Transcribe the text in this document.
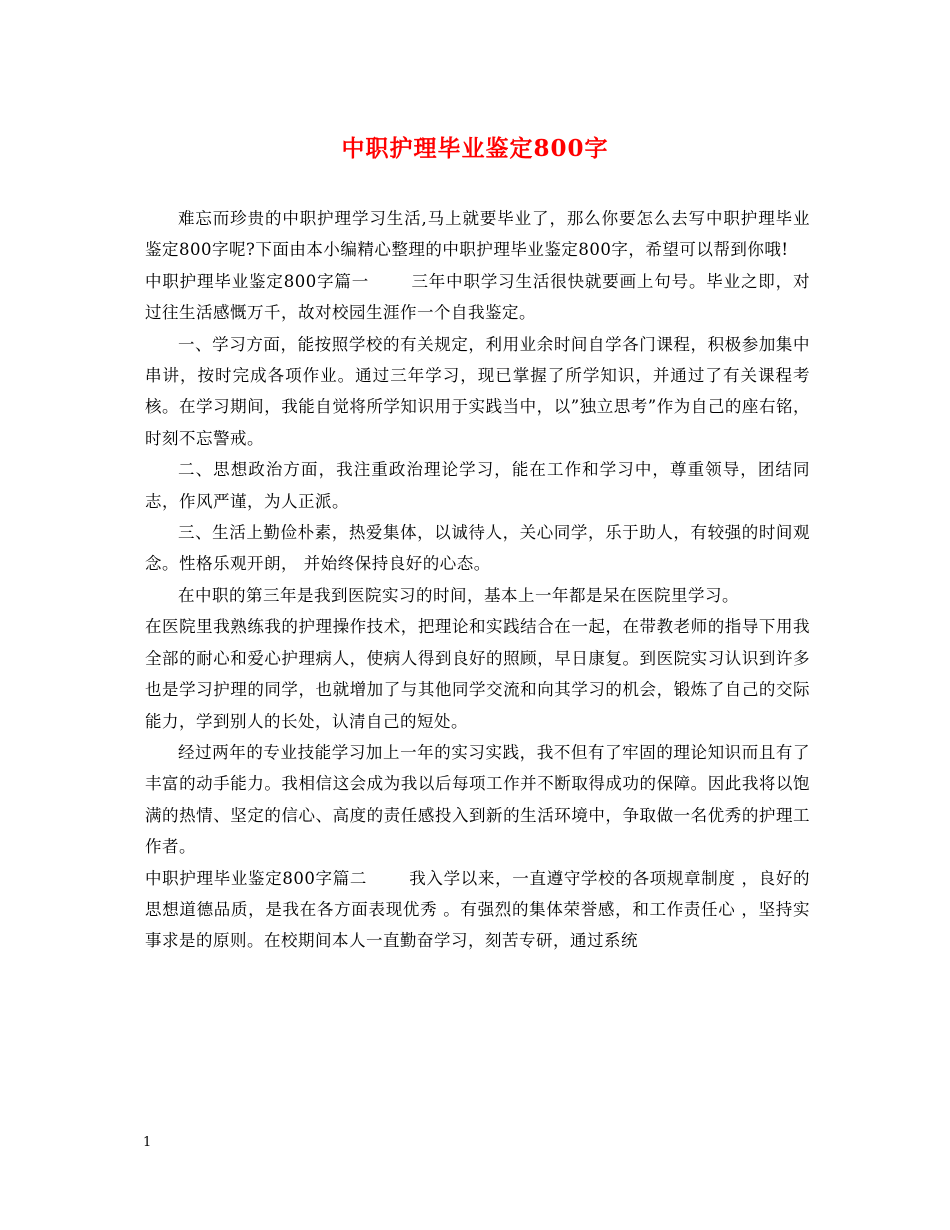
中职护理毕业鉴定800字

难忘而珍贵的中职护理学习生活,马上就要毕业了，那么你要怎么去写中职护理毕业鉴定800字呢?下面由本小编精心整理的中职护理毕业鉴定800字，希望可以帮到你哦!

中职护理毕业鉴定800字篇一	三年中职学习生活很快就要画上句号。毕业之即，对过往生活感慨万千，故对校园生涯作一个自我鉴定。

一、学习方面，能按照学校的有关规定，利用业余时间自学各门课程，积极参加集中串讲，按时完成各项作业。通过三年学习，现已掌握了所学知识，并通过了有关课程考核。在学习期间，我能自觉将所学知识用于实践当中，以”独立思考”作为自己的座右铭，时刻不忘警戒。

二、思想政治方面，我注重政治理论学习，能在工作和学习中，尊重领导，团结同志，作风严谨，为人正派。

三、生活上勤俭朴素，热爱集体，以诚待人，关心同学，乐于助人，有较强的时间观念。性格乐观开朗， 并始终保持良好的心态。

在中职的第三年是我到医院实习的时间，基本上一年都是呆在医院里学习。

在医院里我熟练我的护理操作技术，把理论和实践结合在一起，在带教老师的指导下用我全部的耐心和爱心护理病人，使病人得到良好的照顾，早日康复。到医院实习认识到许多也是学习护理的同学，也就增加了与其他同学交流和向其学习的机会，锻炼了自己的交际能力，学到别人的长处，认清自己的短处。

经过两年的专业技能学习加上一年的实习实践，我不但有了牢固的理论知识而且有了丰富的动手能力。我相信这会成为我以后每项工作并不断取得成功的保障。因此我将以饱满的热情、坚定的信心、高度的责任感投入到新的生活环境中，争取做一名优秀的护理工作者。

中职护理毕业鉴定800字篇二	我入学以来，一直遵守学校的各项规章制度 ，良好的思想道德品质，是我在各方面表现优秀 。有强烈的集体荣誉感，和工作责任心 ，坚持实事求是的原则。在校期间本人一直勤奋学习，刻苦专研，通过系统

1
